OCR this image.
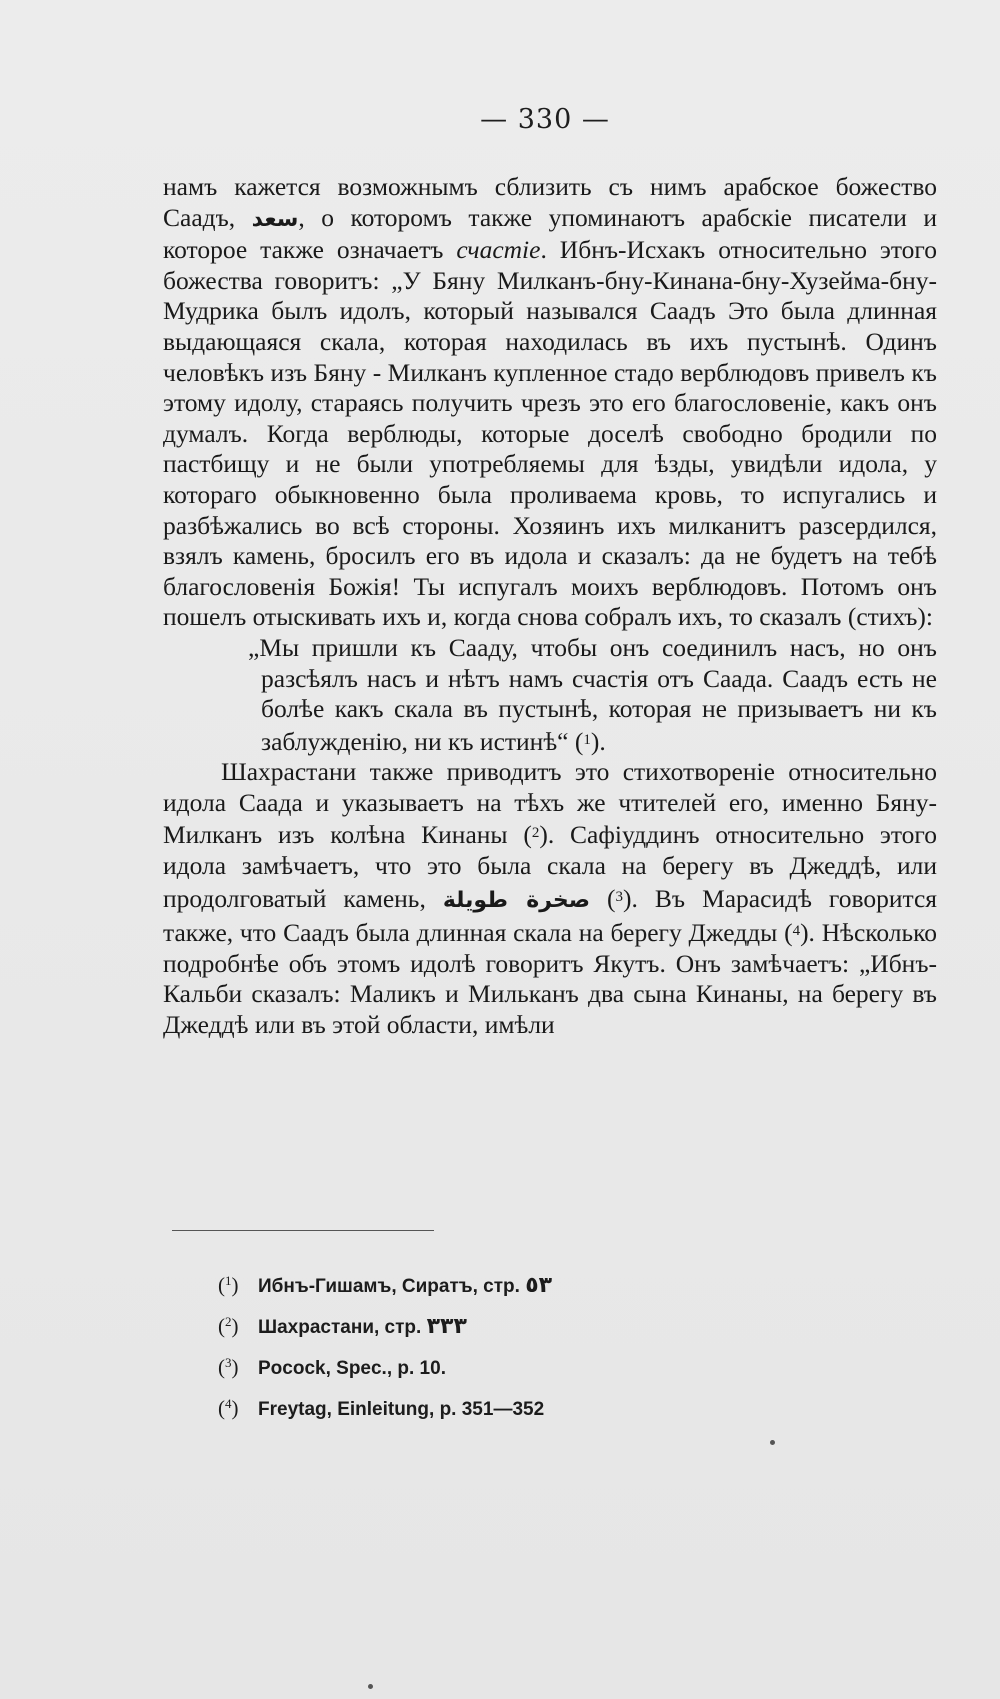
— 330 —

намъ кажется возможнымъ сблизить съ нимъ арабское божество Саадъ, سعد, о которомъ также упоминаютъ арабскіе писатели и которое также означаетъ счастіе. Ибнъ-Исхакъ относительно этого божества говоритъ: „У Бяну Милканъ-бну-Кинана-бну-Хузейма-бну-Мудрика былъ идолъ, который назывался Саадъ Это была длинная выдающаяся скала, которая находилась въ ихъ пустынѣ. Одинъ человѣкъ изъ Бяну - Милканъ купленное стадо верблюдовъ привелъ къ этому идолу, стараясь получить чрезъ это его благословеніе, какъ онъ думалъ. Когда верблюды, которые доселѣ свободно бродили по пастбищу и не были употребляемы для ѣзды, увидѣли идола, у котораго обыкновенно была проливаема кровь, то испугались и разбѣжались во всѣ стороны. Хозяинъ ихъ милканитъ разсердился, взялъ камень, бросилъ его въ идола и сказалъ: да не будетъ на тебѣ благословенія Божія! Ты испугалъ моихъ верблюдовъ. Потомъ онъ пошелъ отыскивать ихъ и, когда снова собралъ ихъ, то сказалъ (стихъ):

„Мы пришли къ Сааду, чтобы онъ соединилъ насъ, но онъ разсѣялъ насъ и нѣтъ намъ счастія отъ Саада. Саадъ есть не болѣе какъ скала въ пустынѣ, которая не призываетъ ни къ заблужденію, ни къ истинѣ“ ($^1$).

Шахрастани также приводитъ это стихотвореніе относительно идола Саада и указываетъ на тѣхъ же чтителей его, именно Бяну-Милканъ изъ колѣна Кинаны ($^2$). Сафіуддинъ относительно этого идола замѣчаетъ, что это была скала на берегу въ Джеддѣ, или продолговатый камень, صخرة طويلة ($^3$). Въ Марасидѣ говорится также, что Саадъ была длинная скала на берегу Джедды ($^4$). Нѣсколько подробнѣе объ этомъ идолѣ говоритъ Якутъ. Онъ замѣчаетъ: „Ибнъ-Кальби сказалъ: Маликъ и Мильканъ два сына Кинаны, на берегу въ Джеддѣ или въ этой области, имѣли

($^1$) Ибнъ-Гишамъ, Сиратъ, стр. ٥٣
($^2$) Шахрастани, стр. ٣٣٣
($^3$) Pocock, Spec., p. 10.
($^4$) Freytag, Einleitung, p. 351—352
